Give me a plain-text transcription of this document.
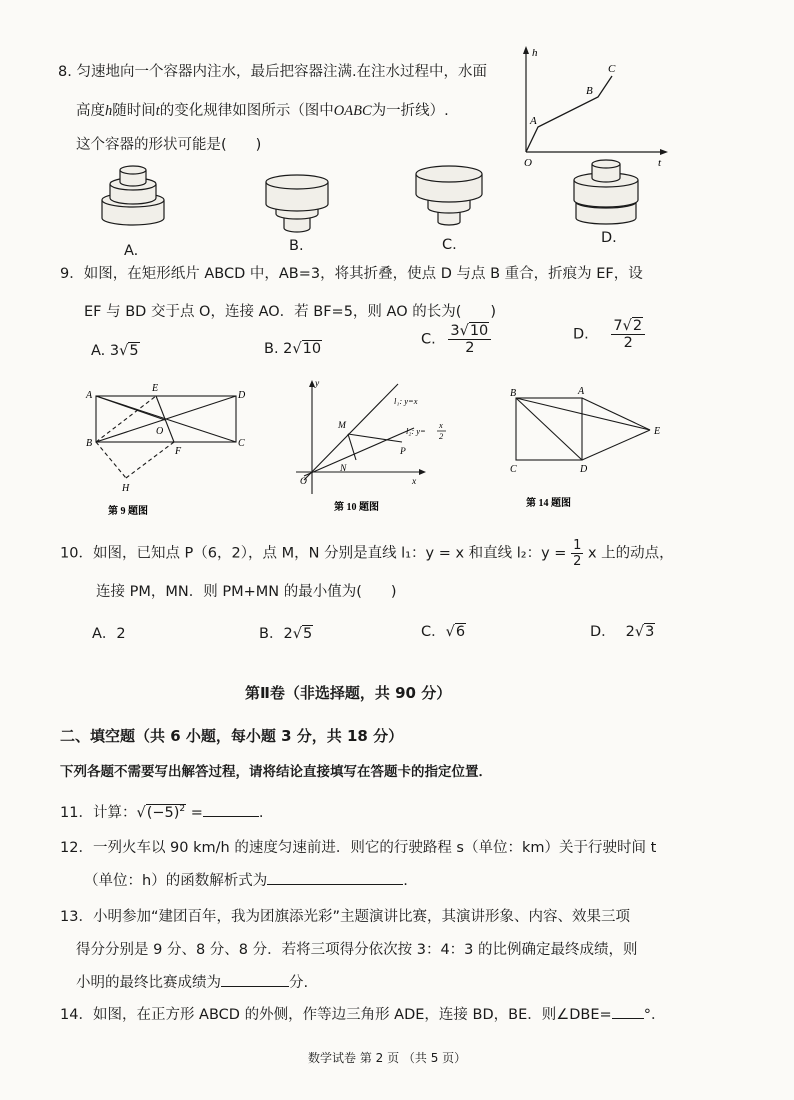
8. 匀速地向一个容器内注水，最后把容器注满.在注水过程中，水面
高度h随时间t的变化规律如图所示（图中OABC为一折线）.
这个容器的形状可能是(　　)
h
t
O
A
B
C
A.	B.	C.	D.
9．如图，在矩形纸片 ABCD 中，AB=3，将其折叠，使点 D 与点 B 重合，折痕为 EF，设
EF 与 BD 交于点 O，连接 AO．若 BF=5，则 AO 的长为(　　)
A. 3√5	B. 2√10
C. $\frac{3√10}{2}$	D. $\frac{7√2}{2}$
A
E
D
B
O
F
C
H
第 9 题图
y
x
O
M
N
P
l₁: y=x
l₂: y=
x
2
第 10 题图
B	A
E
C	D
第 14 题图
10．如图，已知点 P（6，2），点 M，N 分别是直线 l₁：y = x 和直线 l₂：$y = \frac{1}{2}$ x 上的动点，
连接 PM，MN．则 PM+MN 的最小值为(　　)
A．2	B．2√5	C．√6	D． 2√3
第Ⅱ卷（非选择题，共 90 分）
二、填空题（共 6 小题，每小题 3 分，共 18 分）
下列各题不需要写出解答过程，请将结论直接填写在答题卡的指定位置．
11．计算：$√(-5)^2$ =	.
12．一列火车以 90 km/h 的速度匀速前进．则它的行驶路程 s（单位：km）关于行驶时间 t
（单位：h）的函数解析式为	.
13．小明参加“建团百年，我为团旗添光彩”主题演讲比赛，其演讲形象、内容、效果三项
得分分别是 9 分、8 分、8 分．若将三项得分依次按 3：4：3 的比例确定最终成绩，则
小明的最终比赛成绩为	分.
14．如图，在正方形 ABCD 的外侧，作等边三角形 ADE，连接 BD，BE．则∠DBE= °．
数学试卷 第 2 页 （共 5 页）
